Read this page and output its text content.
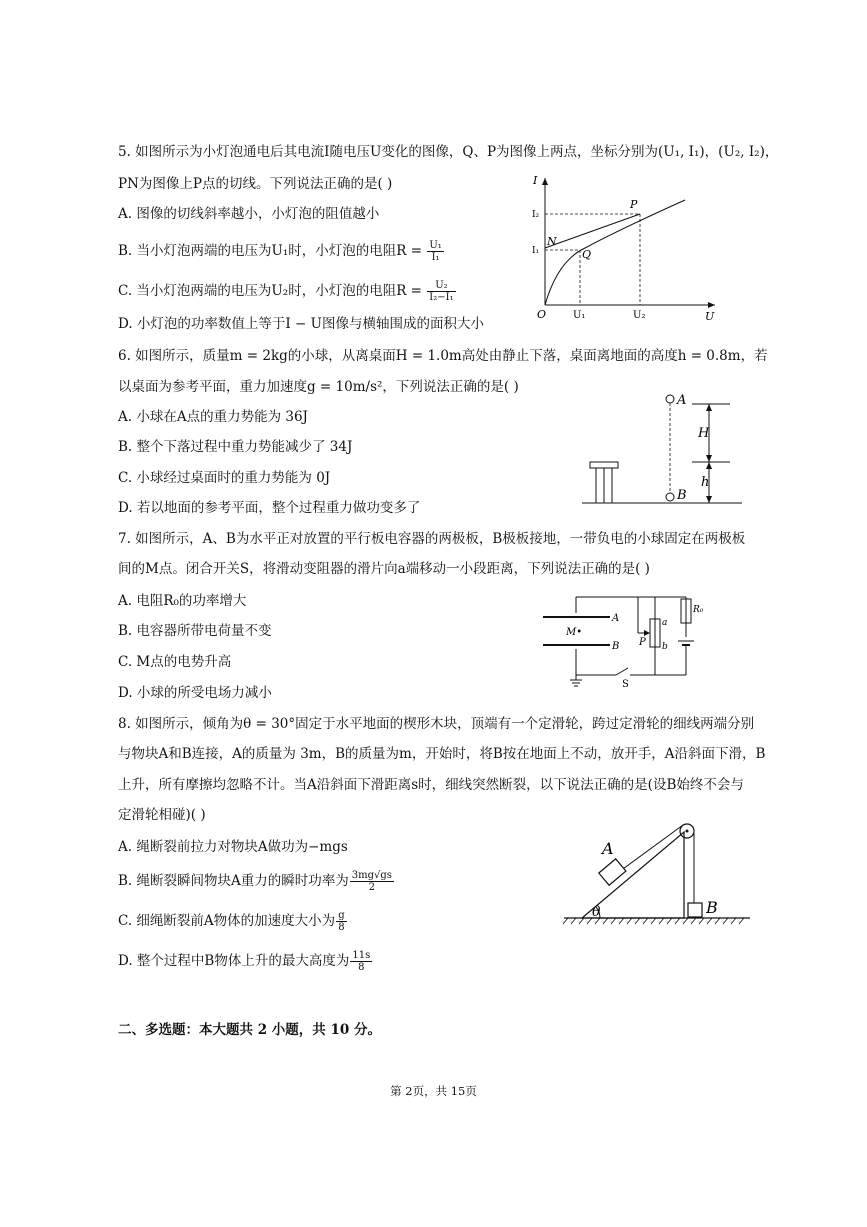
5. 如图所示为小灯泡通电后其电流I随电压U变化的图像，Q、P为图像上两点，坐标分别为(U₁, I₁)，(U₂, I₂)，
PN为图像上P点的切线。下列说法正确的是( )
A. 图像的切线斜率越小，小灯泡的阻值越小
B. 当小灯泡两端的电压为U₁时，小灯泡的电阻$R = \frac{\text{U₁}}{\text{I₁}}$
C. 当小灯泡两端的电压为U₂时，小灯泡的电阻$R = \frac{\text{U₂}}{\text{I₂−I₁}}$
D. 小灯泡的功率数值上等于I − U图像与横轴围成的面积大小
I
U
O
I₂
I₁
N
P
Q
U₁	U₂
6. 如图所示，质量m = 2kg的小球，从离桌面H = 1.0m高处由静止下落，桌面离地面的高度h = 0.8m，若
以桌面为参考平面，重力加速度g = 10m/s²，下列说法正确的是( )
A. 小球在A点的重力势能为 36J
B. 整个下落过程中重力势能减少了 34J
C. 小球经过桌面时的重力势能为 0J
D. 若以地面的参考平面，整个过程重力做功变多了
A
B
H
h
7. 如图所示，A、B为水平正对放置的平行板电容器的两极板，B极板接地，一带负电的小球固定在两极板
间的M点。闭合开关S，将滑动变阻器的滑片向a端移动一小段距离，下列说法正确的是( )
A. 电阻R₀的功率增大
B. 电容器所带电荷量不变
C. M点的电势升高
D. 小球的所受电场力减小
A
B
M•
P
a
b
R₀
S
8. 如图所示，倾角为θ = 30°固定于水平地面的楔形木块，顶端有一个定滑轮，跨过定滑轮的细线两端分别
与物块A和B连接，A的质量为 3m，B的质量为m，开始时，将B按在地面上不动，放开手，A沿斜面下滑，B
上升，所有摩擦均忽略不计。当A沿斜面下滑距离s时，细线突然断裂，以下说法正确的是(设B始终不会与
定滑轮相碰)( )
A. 绳断裂前拉力对物块A做功为−mgs
B. 绳断裂瞬间物块A重力的瞬时功率为 $\frac{3mg√gs}{2}$
C. 细绳断裂前A物体的加速度大小为 $\frac{g}{8}$
D. 整个过程中B物体上升的最大高度为 $\frac{11s}{8}$
A
B
θ
二、多选题：本大题共 2 小题，共 10 分。
第 2页，共 15页
